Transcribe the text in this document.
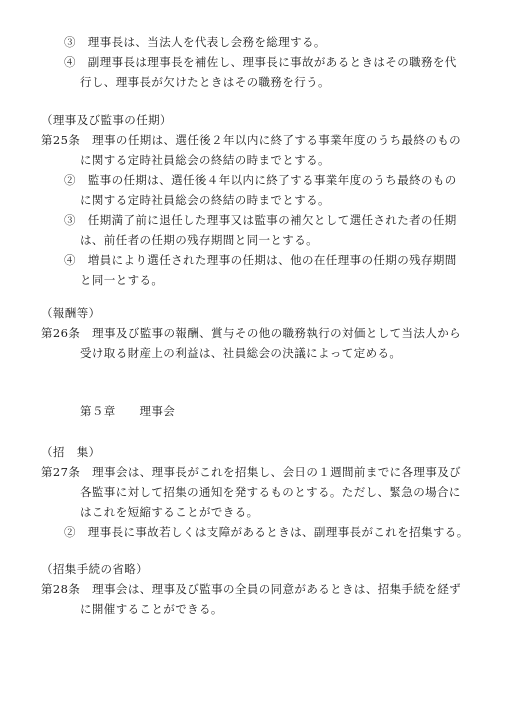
③　理事長は、当法人を代表し会務を総理する。
④　副理事長は理事長を補佐し、理事長に事故があるときはその職務を代
行し、理事長が欠けたときはその職務を行う。
（理事及び監事の任期）
第25条　理事の任期は、選任後２年以内に終了する事業年度のうち最終のもの
に関する定時社員総会の終結の時までとする。
②　監事の任期は、選任後４年以内に終了する事業年度のうち最終のもの
に関する定時社員総会の終結の時までとする。
③　任期満了前に退任した理事又は監事の補欠として選任された者の任期
は、前任者の任期の残存期間と同一とする。
④　増員により選任された理事の任期は、他の在任理事の任期の残存期間
と同一とする。
（報酬等）
第26条　理事及び監事の報酬、賞与その他の職務執行の対価として当法人から
受け取る財産上の利益は、社員総会の決議によって定める。
第５章　　理事会
（招　集）
第27条　理事会は、理事長がこれを招集し、会日の１週間前までに各理事及び
各監事に対して招集の通知を発するものとする。ただし、緊急の場合に
はこれを短縮することができる。
②　理事長に事故若しくは支障があるときは、副理事長がこれを招集する。
（招集手続の省略）
第28条　理事会は、理事及び監事の全員の同意があるときは、招集手続を経ず
に開催することができる。
